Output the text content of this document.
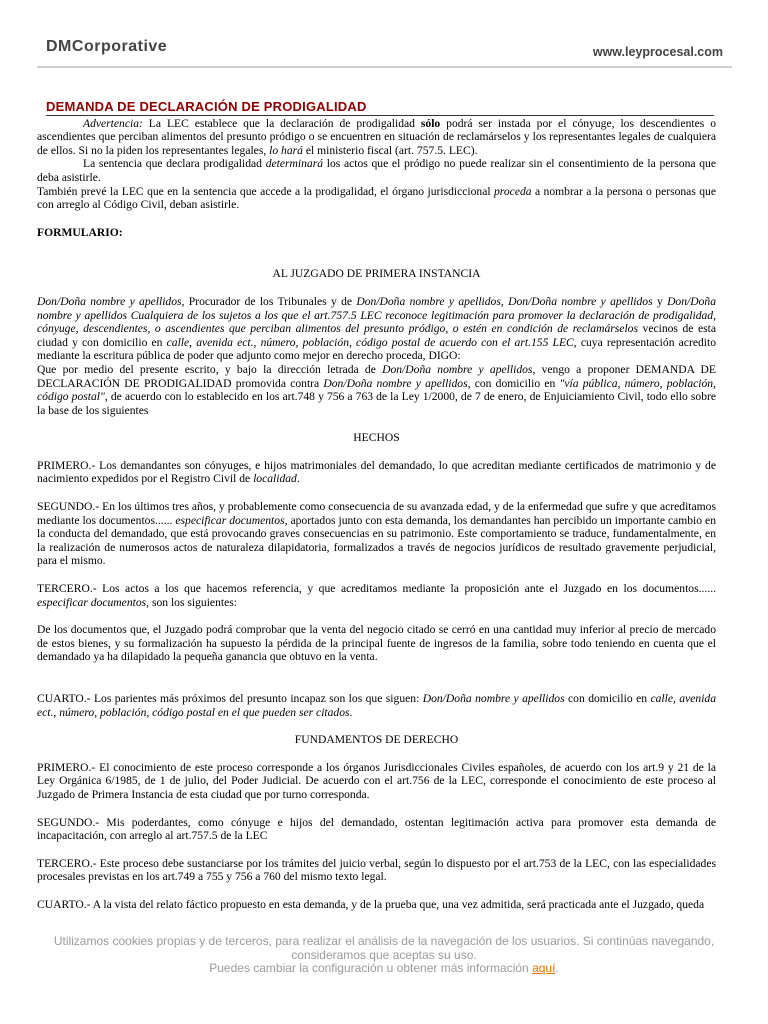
DMCorporative	www.leyprocesal.com
DEMANDA DE DECLARACIÓN DE PRODIGALIDAD

Advertencia: La LEC establece que la declaración de prodigalidad sólo podrá ser instada por el cónyuge, los descendientes o ascendientes que perciban alimentos del presunto pródigo o se encuentren en situación de reclamárselos y los representantes legales de cualquiera de ellos. Si no la piden los representantes legales, lo hará el ministerio fiscal (art. 757.5. LEC).

La sentencia que declara prodigalidad determinará los actos que el pródigo no puede realizar sin el consentimiento de la persona que deba asistirle.

También prevé la LEC que en la sentencia que accede a la prodigalidad, el órgano jurisdiccional proceda a nombrar a la persona o personas que con arreglo al Código Civil, deban asistirle.

FORMULARIO:

AL JUZGADO DE PRIMERA INSTANCIA

Don/Doña nombre y apellidos, Procurador de los Tribunales y de Don/Doña nombre y apellidos, Don/Doña nombre y apellidos y Don/Doña nombre y apellidos Cualquiera de los sujetos a los que el art.757.5 LEC reconoce legitimación para promover la declaración de prodigalidad, cónyuge, descendientes, o ascendientes que perciban alimentos del presunto pródigo, o estén en condición de reclamárselos vecinos de esta ciudad y con domicilio en calle, avenida ect., número, población, código postal de acuerdo con el art.155 LEC, cuya representación acredito mediante la escritura pública de poder que adjunto como mejor en derecho proceda, DIGO:

Que por medio del presente escrito, y bajo la dirección letrada de Don/Doña nombre y apellidos, vengo a proponer DEMANDA DE DECLARACIÓN DE PRODIGALIDAD promovida contra Don/Doña nombre y apellidos, con domicilio en "vía pública, número, población, código postal", de acuerdo con lo establecido en los art.748 y 756 a 763 de la Ley 1/2000, de 7 de enero, de Enjuiciamiento Civil, todo ello sobre la base de los siguientes

HECHOS

PRIMERO.- Los demandantes son cónyuges, e hijos matrimoniales del demandado, lo que acreditan mediante certificados de matrimonio y de nacimiento expedidos por el Registro Civil de localidad.

SEGUNDO.- En los últimos tres años, y probablemente como consecuencia de su avanzada edad, y de la enfermedad que sufre y que acreditamos mediante los documentos...... especificar documentos, aportados junto con esta demanda, los demandantes han percibido un importante cambio en la conducta del demandado, que está provocando graves consecuencias en su patrimonio. Este comportamiento se traduce, fundamentalmente, en la realización de numerosos actos de naturaleza dilapidatoria, formalizados a través de negocios jurídicos de resultado gravemente perjudicial, para el mismo.

TERCERO.- Los actos a los que hacemos referencia, y que acreditamos mediante la proposición ante el Juzgado en los documentos...... especificar documentos, son los siguientes:

De los documentos que, el Juzgado podrá comprobar que la venta del negocio citado se cerró en una cantidad muy inferior al precio de mercado de estos bienes, y su formalización ha supuesto la pérdida de la principal fuente de ingresos de la familia, sobre todo teniendo en cuenta que el demandado ya ha dilapidado la pequeña ganancia que obtuvo en la venta.

CUARTO.- Los parientes más próximos del presunto incapaz son los que siguen: Don/Doña nombre y apellidos con domicilio en calle, avenida ect., número, población, código postal en el que pueden ser citados.

FUNDAMENTOS DE DERECHO

PRIMERO.- El conocimiento de este proceso corresponde a los órganos Jurisdiccionales Civiles españoles, de acuerdo con los art.9 y 21 de la Ley Orgánica 6/1985, de 1 de julio, del Poder Judicial. De acuerdo con el art.756 de la LEC, corresponde el conocimiento de este proceso al Juzgado de Primera Instancia de esta ciudad que por turno corresponda.

SEGUNDO.- Mis poderdantes, como cónyuge e hijos del demandado, ostentan legitimación activa para promover esta demanda de incapacitación, con arreglo al art.757.5 de la LEC

TERCERO.- Este proceso debe sustanciarse por los trámites del juicio verbal, según lo dispuesto por el art.753 de la LEC, con las especialidades procesales previstas en los art.749 a 755 y 756 a 760 del mismo texto legal.

CUARTO.- A la vista del relato fáctico propuesto en esta demanda, y de la prueba que, una vez admitida, será practicada ante el Juzgado, queda

Utilizamos cookies propias y de terceros, para realizar el análisis de la navegación de los usuarios. Si continúas navegando,
consideramos que aceptas su uso.
Puedes cambiar la configuración u obtener más información aquí.
